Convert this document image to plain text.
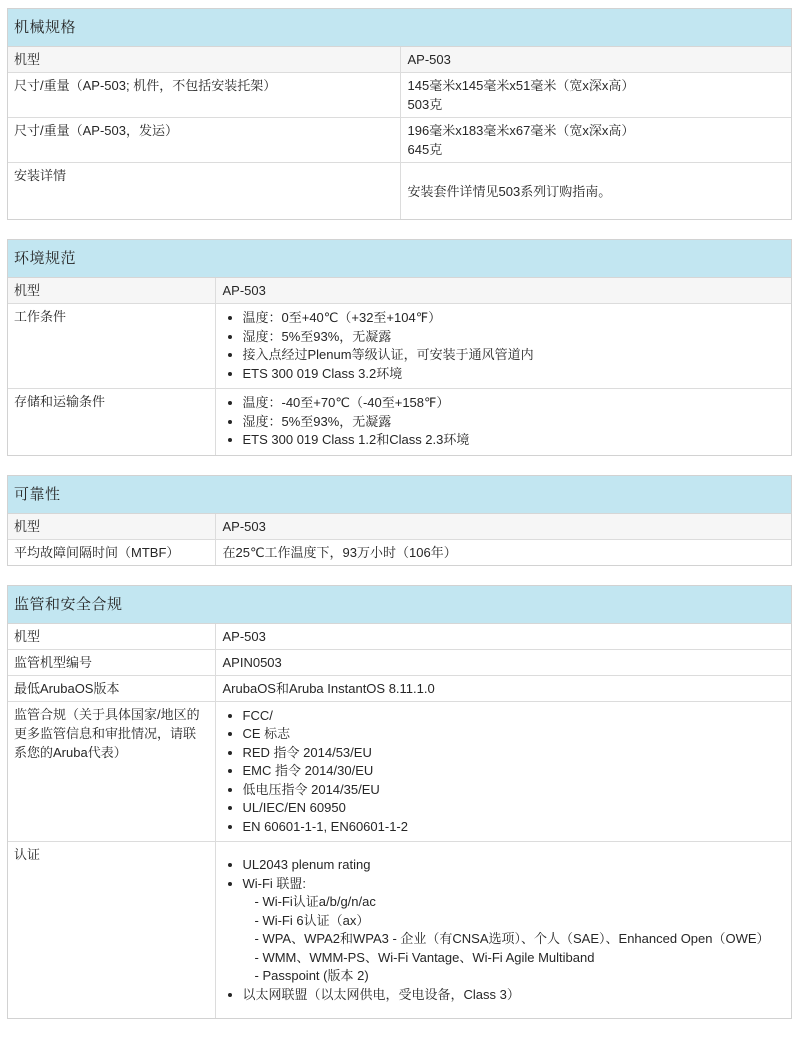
机械规格
机型	AP-503

尺寸/重量（AP-503; 机件，不包括安装托架）	145毫米x145毫米x51毫米（宽x深x高）
503克

尺寸/重量（AP-503，发运）	196毫米x183毫米x67毫米（宽x深x高）
645克

安装详情	安装套件详情见503系列订购指南。
环境规范
机型	AP-503

工作条件	
•温度：0至+40℃（+32至+104℉）
• 湿度：5%至93%，无凝露
• 接入点经过Plenum等级认证，可安装于通风管道内
• ETS 300 019 Class 3.2环境

存储和运输条件	
•温度：-40至+70℃（-40至+158℉）
• 湿度：5%至93%，无凝露
• ETS 300 019 Class 1.2和Class 2.3环境
可靠性
机型	AP-503

平均故障间隔时间（MTBF）	在25℃工作温度下，93万小时（106年）
监管和安全合规
机型	AP-503

监管机型编号	APIN0503

最低ArubaOS版本	ArubaOS和Aruba InstantOS 8.11.1.0

监管合规（关于具体国家/地区的更多监管信息和审批情况，请联系您的Aruba代表）	
• FCC/
• CE 标志
• RED 指令 2014/53/EU
• EMC 指令 2014/30/EU
• 低电压指令 2014/35/EU
• UL/IEC/EN 60950
• EN 60601-1-1, EN60601-1-2

认证	
• UL2043 plenum rating
• Wi-Fi 联盟:
- Wi-Fi认证a/b/g/n/ac
- Wi-Fi 6认证（ax）
- WPA、WPA2和WPA3 - 企业（有CNSA选项）、个人（SAE）、Enhanced Open（OWE）
- WMM、WMM-PS、Wi-Fi Vantage、Wi-Fi Agile Multiband
- Passpoint (版本 2)
• 以太网联盟（以太网供电，受电设备，Class 3）
